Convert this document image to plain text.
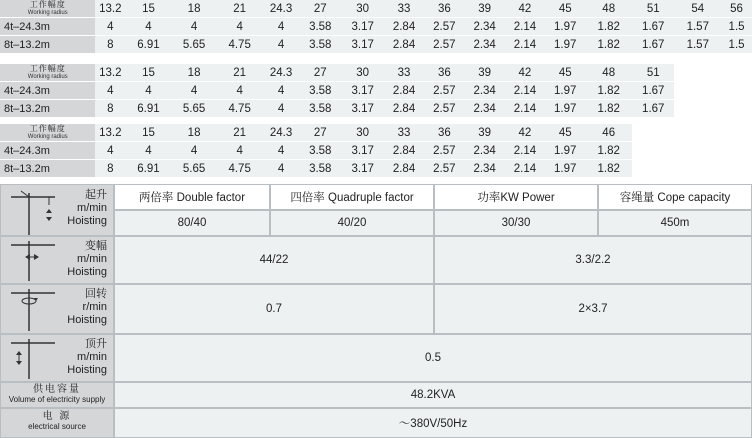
工作幅度
Working radius	13.2	15	18	21	24.3	27	30	33	36	39	42	45	48	51	54	56
4t–24.3m	4	4	4	4	4	3.58	3.17	2.84	2.57	2.34	2.14	1.97	1.82	1.67	1.57	1.5
8t–13.2m	8	6.91	5.65	4.75	4	3.58	3.17	2.84	2.57	2.34	2.14	1.97	1.82	1.67	1.57	1.5
工作幅度
Working radius	13.2	15	18	21	24.3	27	30	33	36	39	42	45	48	51		
4t–24.3m	4	4	4	4	4	3.58	3.17	2.84	2.57	2.34	2.14	1.97	1.82	1.67		
8t–13.2m	8	6.91	5.65	4.75	4	3.58	3.17	2.84	2.57	2.34	2.14	1.97	1.82	1.67		
工作幅度
Working radius	13.2	15	18	21	24.3	27	30	33	36	39	42	45	46			
4t–24.3m	4	4	4	4	4	3.58	3.17	2.84	2.57	2.34	2.14	1.97	1.82			
8t–13.2m	8	6.91	5.65	4.75	4	3.58	3.17	2.84	2.57	2.34	2.14	1.97	1.82			
起升
m/min
Hoisting
两倍率 Double factor	四倍率 Quadruple factor	功率KW Power	容绳量 Cope capacity
80/40	40/20	30/30	450m
变幅
m/min
Hoisting
44/22	3.3/2.2
回转
r/min
Hoisting
0.7	2×3.7
顶升
m/min
Hoisting
0.5
供电容量
Volume of electricity supply	48.2KVA
电 源
electrical source	～380V/50Hz
